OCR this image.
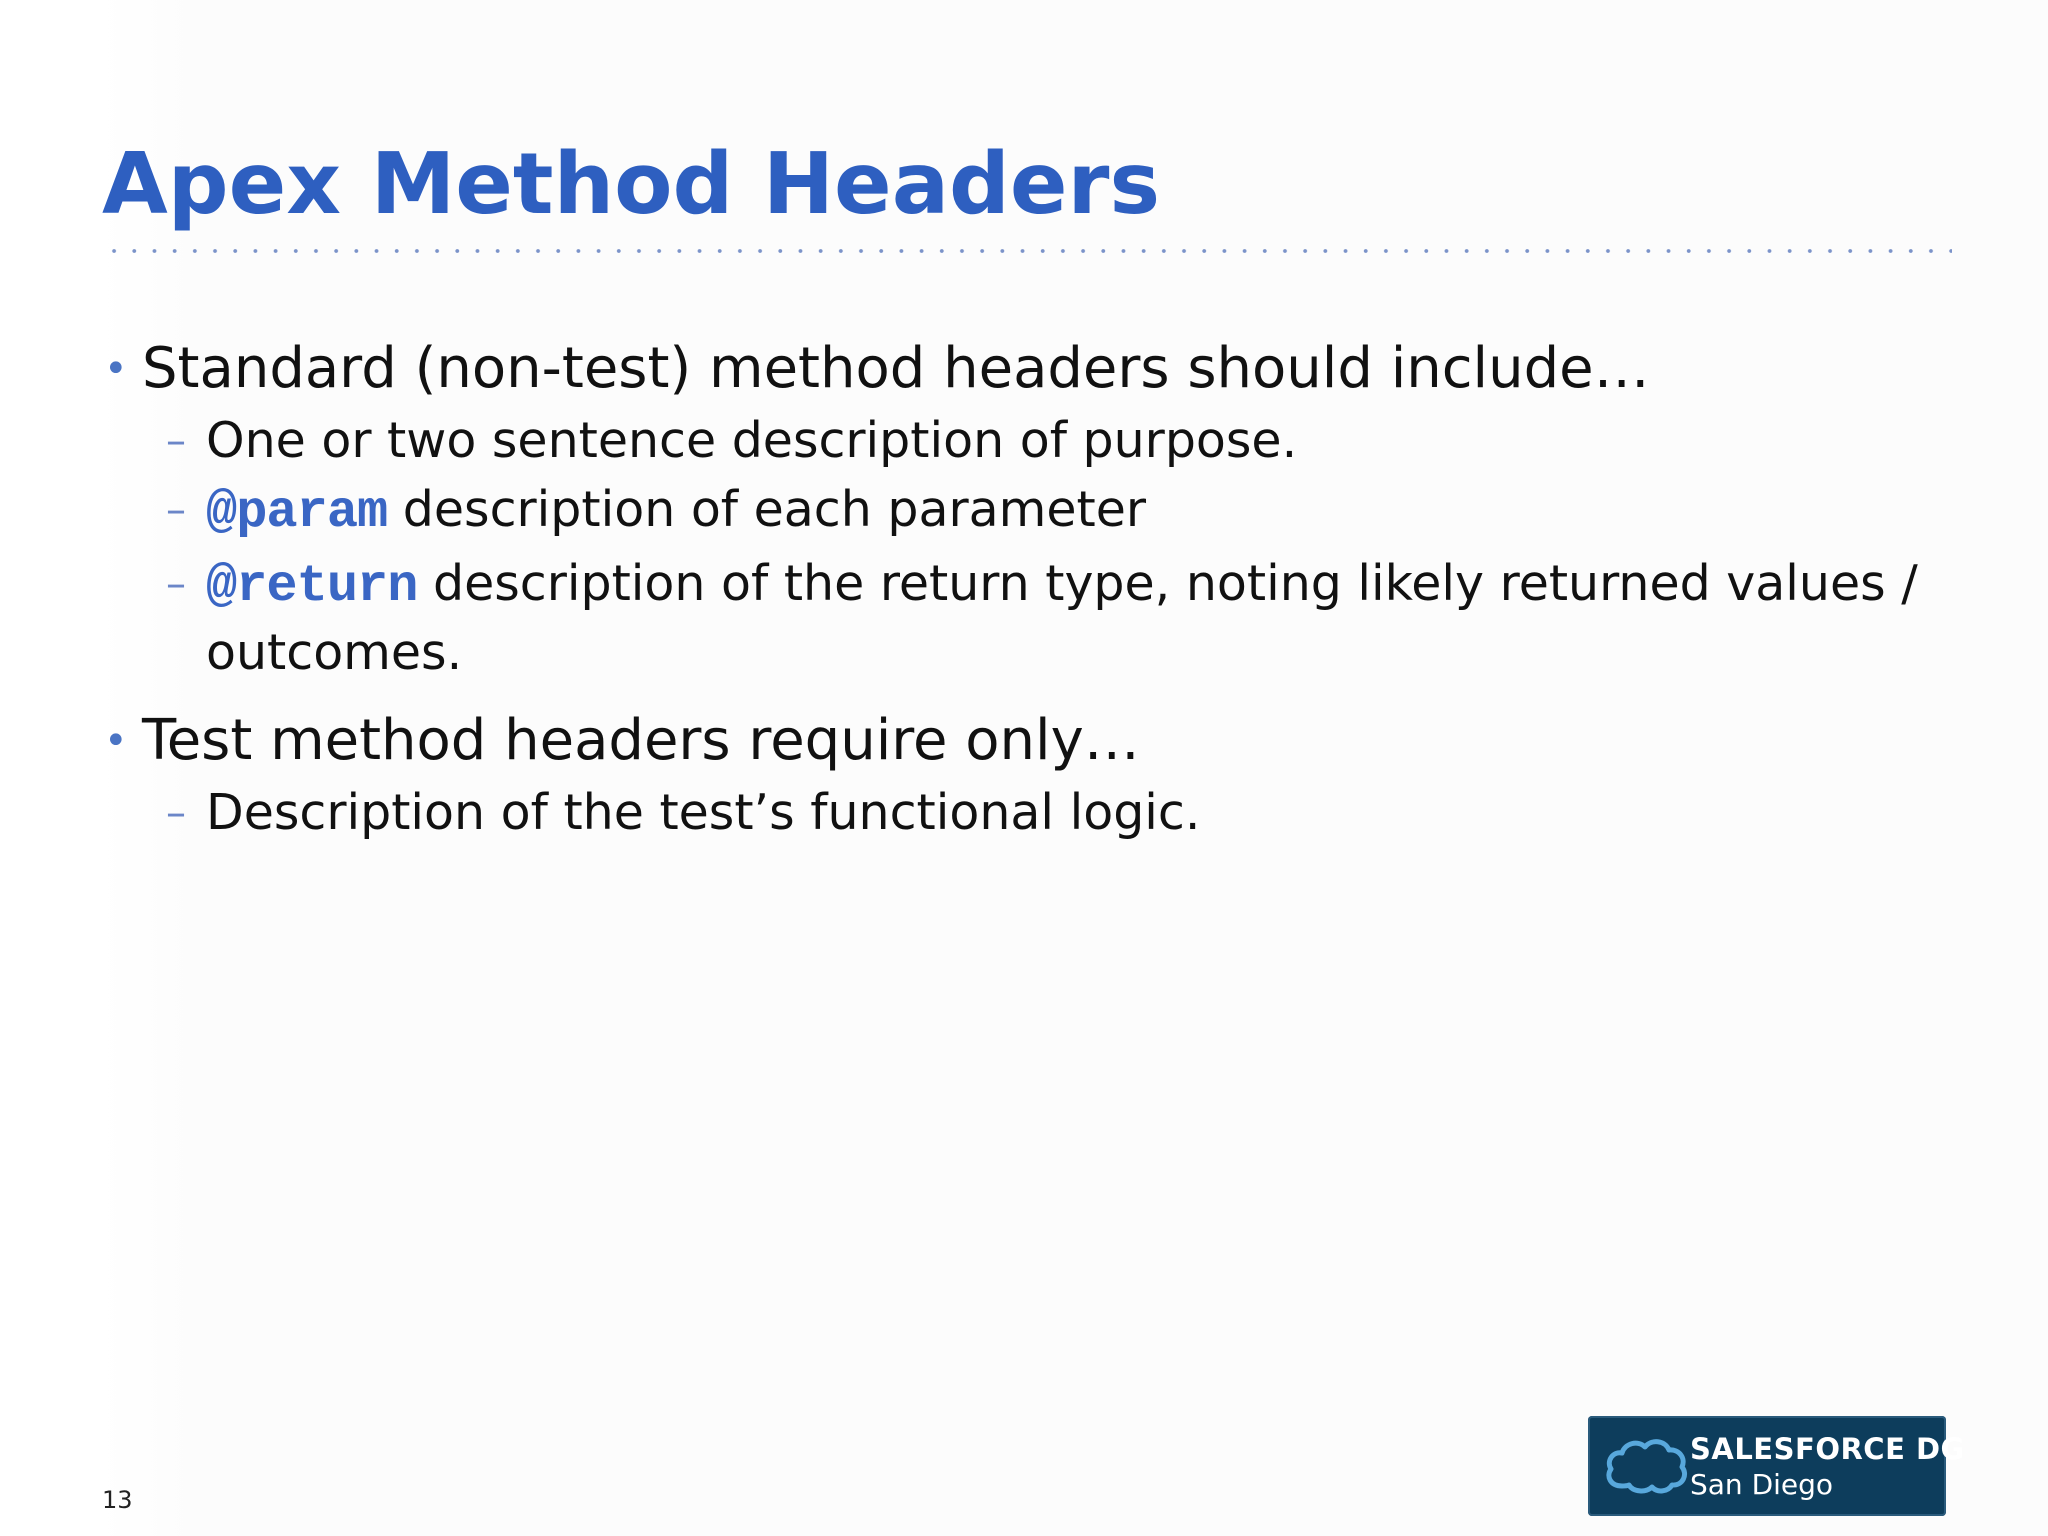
Apex Method Headers

• Standard (non-test) method headers should include…

– One or two sentence description of purpose.

– @param description of each parameter

– @return description of the return type, noting likely returned values / outcomes.

• Test method headers require only…

– Description of the test’s functional logic.

13
SALESFORCE DG
San Diego
